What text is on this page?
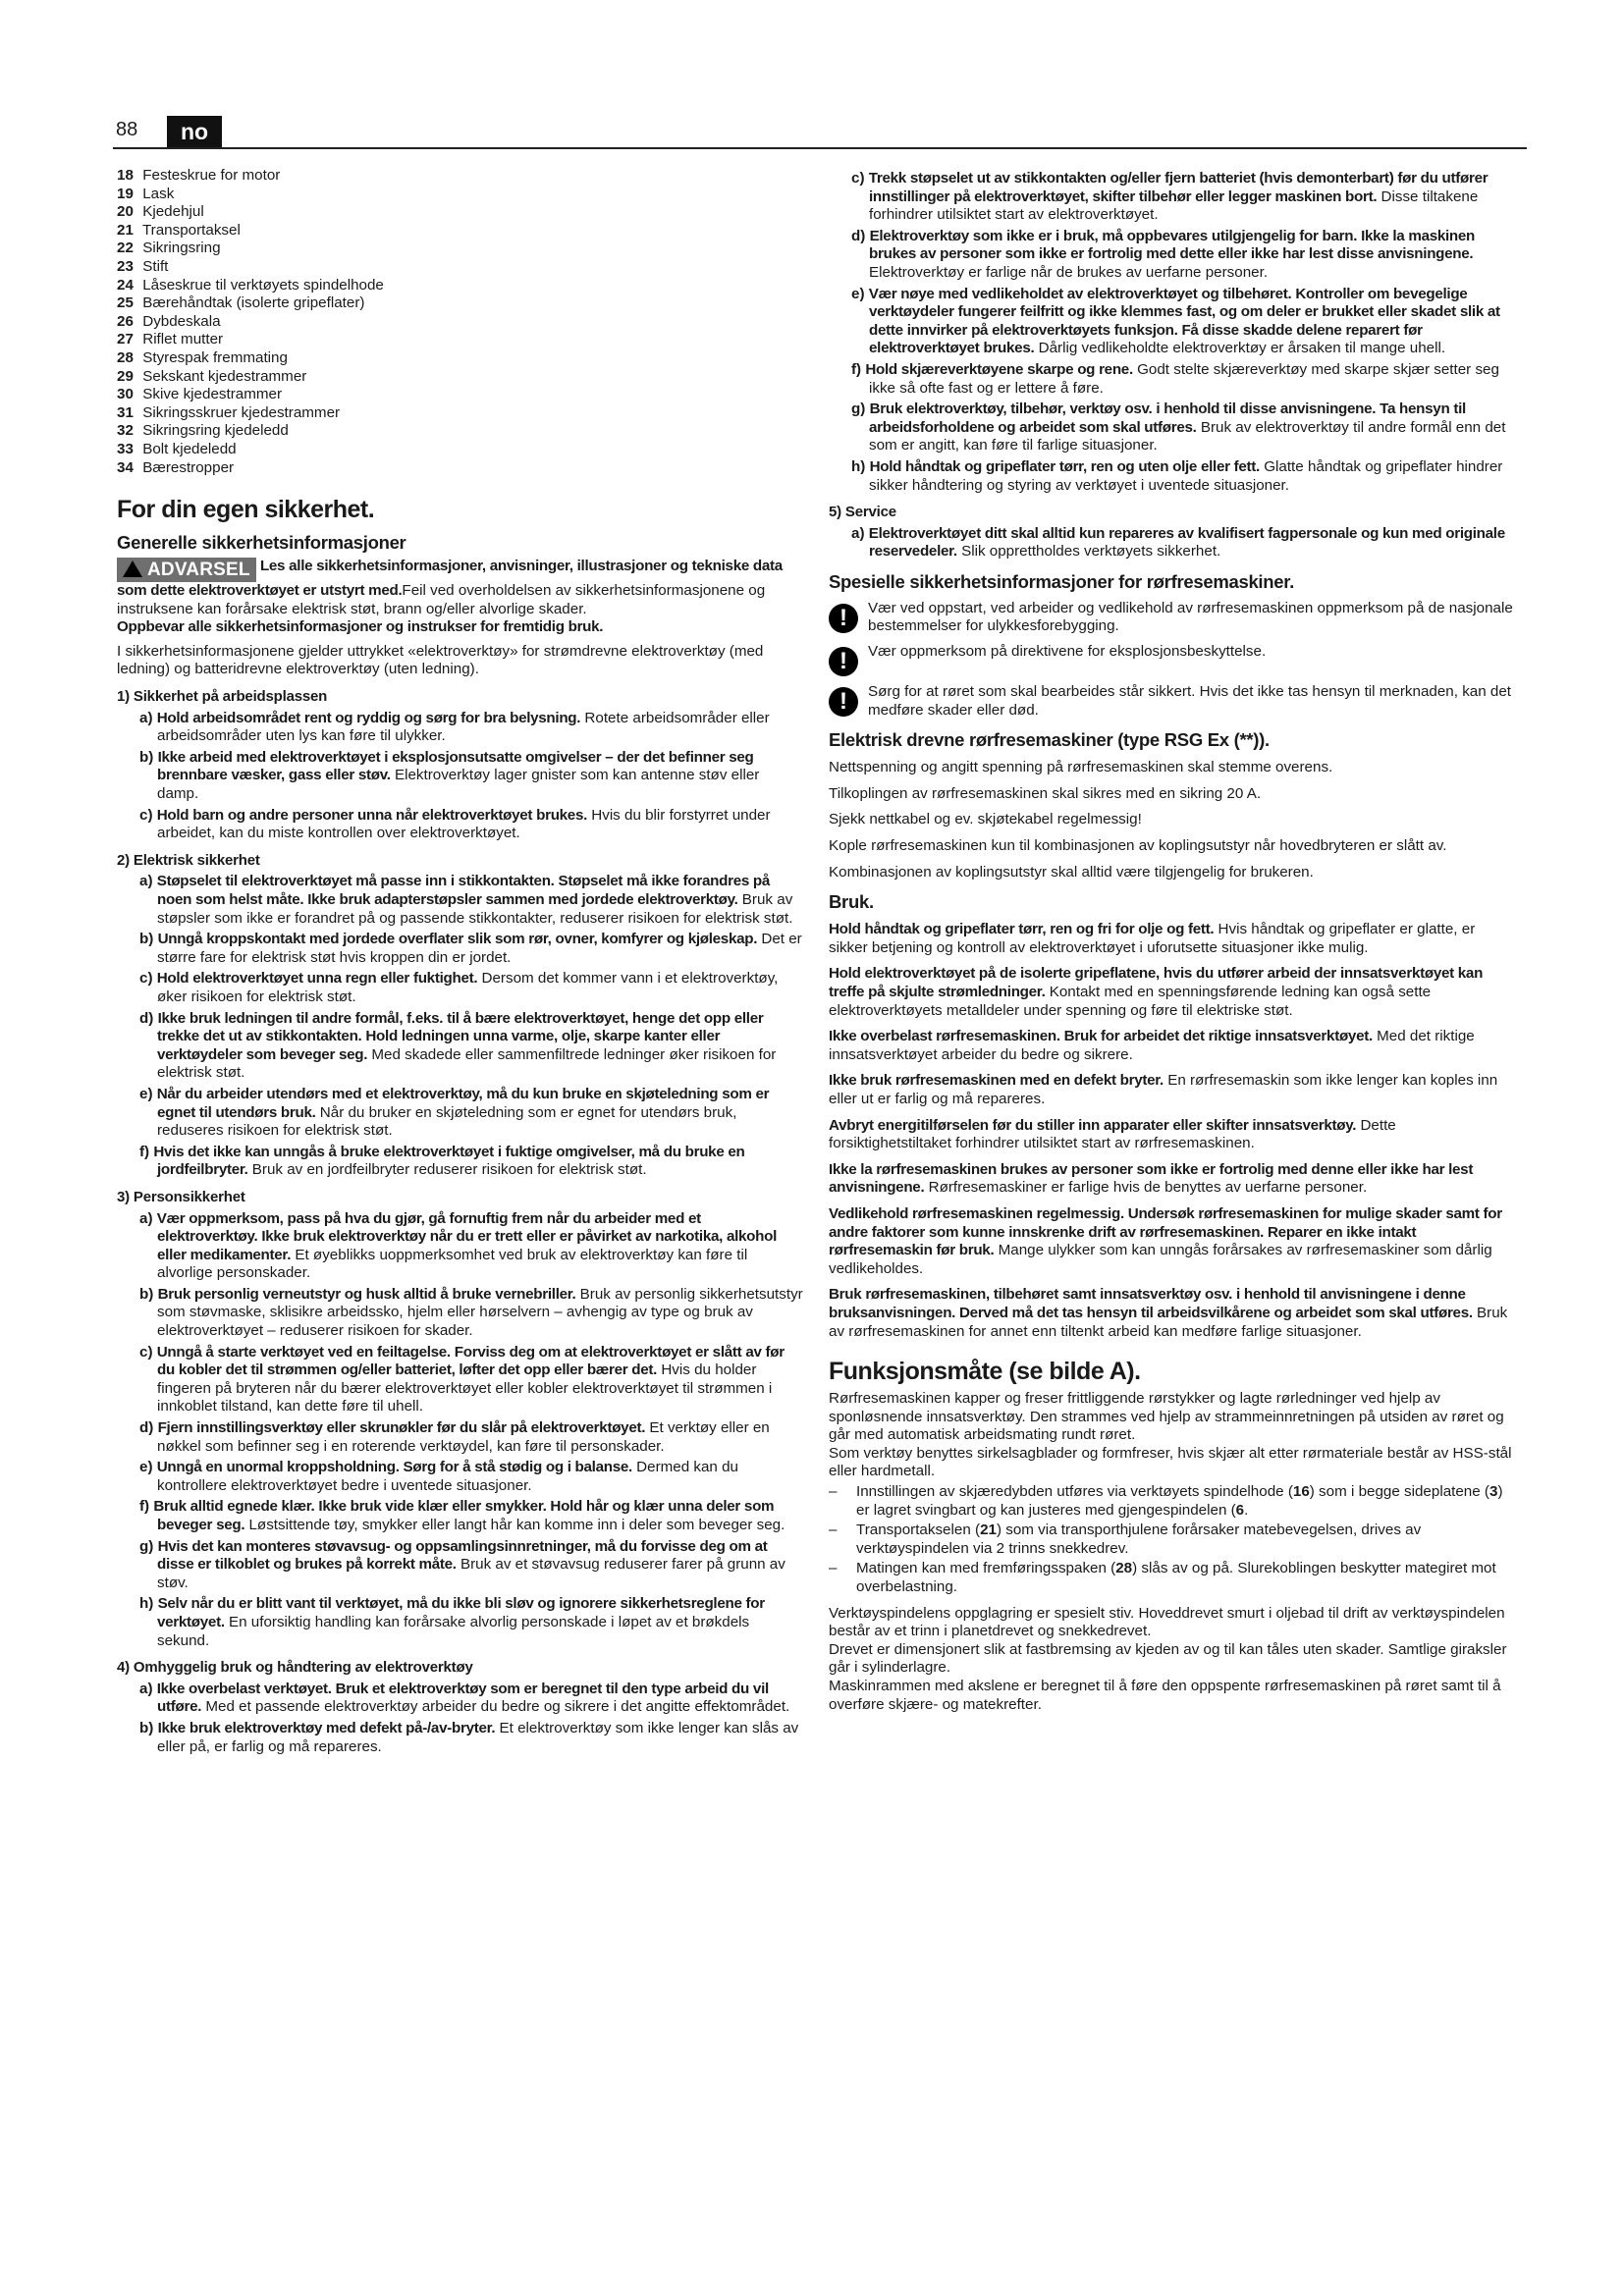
88	no
18 Festeskrue for motor
19 Lask
20 Kjedehjul
21 Transportaksel
22 Sikringsring
23 Stift
24 Låseskrue til verktøyets spindelhode
25 Bærehåndtak (isolerte gripeflater)
26 Dybdeskala
27 Riflet mutter
28 Styrespak fremmating
29 Sekskant kjedestrammer
30 Skive kjedestrammer
31 Sikringsskruer kjedestrammer
32 Sikringsring kjedeledd
33 Bolt kjedeledd
34 Bærestropper
For din egen sikkerhet.
Generelle sikkerhetsinformasjoner
ADVARSEL Les alle sikkerhetsinformasjoner, anvisninger, illustrasjoner og tekniske data som dette elektroverktøyet er utstyrt med.Feil ved overholdelsen av sikkerhetsinformasjonene og instruksene kan forårsake elektrisk støt, brann og/eller alvorlige skader.

Oppbevar alle sikkerhetsinformasjoner og instrukser for fremtidig bruk.

I sikkerhetsinformasjonene gjelder uttrykket «elektroverktøy» for strømdrevne elektroverktøy (med ledning) og batteridrevne elektroverktøy (uten ledning).

1) Sikkerhet på arbeidsplassen

a) Hold arbeidsområdet rent og ryddig og sørg for bra belysning. Rotete arbeidsområder eller arbeidsområder uten lys kan føre til ulykker.

b) Ikke arbeid med elektroverktøyet i eksplosjonsutsatte omgivelser – der det befinner seg brennbare væsker, gass eller støv. Elektroverktøy lager gnister som kan antenne støv eller damp.

c) Hold barn og andre personer unna når elektroverktøyet brukes. Hvis du blir forstyrret under arbeidet, kan du miste kontrollen over elektroverktøyet.

2) Elektrisk sikkerhet

a) Støpselet til elektroverktøyet må passe inn i stikkontakten. Støpselet må ikke forandres på noen som helst måte. Ikke bruk adapterstøpsler sammen med jordede elektroverktøy. Bruk av støpsler som ikke er forandret på og passende stikkontakter, reduserer risikoen for elektrisk støt.

b) Unngå kroppskontakt med jordede overflater slik som rør, ovner, komfyrer og kjøleskap. Det er større fare for elektrisk støt hvis kroppen din er jordet.

c) Hold elektroverktøyet unna regn eller fuktighet. Dersom det kommer vann i et elektroverktøy, øker risikoen for elektrisk støt.

d) Ikke bruk ledningen til andre formål, f.eks. til å bære elektroverktøyet, henge det opp eller trekke det ut av stikkontakten. Hold ledningen unna varme, olje, skarpe kanter eller verktøydeler som beveger seg. Med skadede eller sammenfiltrede ledninger øker risikoen for elektrisk støt.

e) Når du arbeider utendørs med et elektroverktøy, må du kun bruke en skjøteledning som er egnet til utendørs bruk. Når du bruker en skjøteledning som er egnet for utendørs bruk, reduseres risikoen for elektrisk støt.

f) Hvis det ikke kan unngås å bruke elektroverktøyet i fuktige omgivelser, må du bruke en jordfeilbryter. Bruk av en jordfeilbryter reduserer risikoen for elektrisk støt.

3) Personsikkerhet

a) Vær oppmerksom, pass på hva du gjør, gå fornuftig frem når du arbeider med et elektroverktøy. Ikke bruk elektroverktøy når du er trett eller er påvirket av narkotika, alkohol eller medikamenter. Et øyeblikks uoppmerksomhet ved bruk av elektroverktøy kan føre til alvorlige personskader.

b) Bruk personlig verneutstyr og husk alltid å bruke vernebriller. Bruk av personlig sikkerhetsutstyr som støvmaske, sklisikre arbeidssko, hjelm eller hørselvern – avhengig av type og bruk av elektroverktøyet – reduserer risikoen for skader.

c) Unngå å starte verktøyet ved en feiltagelse. Forviss deg om at elektroverktøyet er slått av før du kobler det til strømmen og/eller batteriet, løfter det opp eller bærer det. Hvis du holder fingeren på bryteren når du bærer elektroverktøyet eller kobler elektroverktøyet til strømmen i innkoblet tilstand, kan dette føre til uhell.

d) Fjern innstillingsverktøy eller skrunøkler før du slår på elektroverktøyet. Et verktøy eller en nøkkel som befinner seg i en roterende verktøydel, kan føre til personskader.

e) Unngå en unormal kroppsholdning. Sørg for å stå stødig og i balanse. Dermed kan du kontrollere elektroverktøyet bedre i uventede situasjoner.

f) Bruk alltid egnede klær. Ikke bruk vide klær eller smykker. Hold hår og klær unna deler som beveger seg. Løstsittende tøy, smykker eller langt hår kan komme inn i deler som beveger seg.

g) Hvis det kan monteres støvavsug- og oppsamlingsinnretninger, må du forvisse deg om at disse er tilkoblet og brukes på korrekt måte. Bruk av et støvavsug reduserer farer på grunn av støv.

h) Selv når du er blitt vant til verktøyet, må du ikke bli sløv og ignorere sikkerhetsreglene for verktøyet. En uforsiktig handling kan forårsake alvorlig personskade i løpet av et brøkdels sekund.

4) Omhyggelig bruk og håndtering av elektroverktøy

a) Ikke overbelast verktøyet. Bruk et elektroverktøy som er beregnet til den type arbeid du vil utføre. Med et passende elektroverktøy arbeider du bedre og sikrere i det angitte effektområdet.

b) Ikke bruk elektroverktøy med defekt på-/av-bryter. Et elektroverktøy som ikke lenger kan slås av eller på, er farlig og må repareres.

c) Trekk støpselet ut av stikkontakten og/eller fjern batteriet (hvis demonterbart) før du utfører innstillinger på elektroverktøyet, skifter tilbehør eller legger maskinen bort. Disse tiltakene forhindrer utilsiktet start av elektroverktøyet.

d) Elektroverktøy som ikke er i bruk, må oppbevares utilgjengelig for barn. Ikke la maskinen brukes av personer som ikke er fortrolig med dette eller ikke har lest disse anvisningene. Elektroverktøy er farlige når de brukes av uerfarne personer.

e) Vær nøye med vedlikeholdet av elektroverktøyet og tilbehøret. Kontroller om bevegelige verktøydeler fungerer feilfritt og ikke klemmes fast, og om deler er brukket eller skadet slik at dette innvirker på elektroverktøyets funksjon. Få disse skadde delene reparert før elektroverktøyet brukes. Dårlig vedlikeholdte elektroverktøy er årsaken til mange uhell.

f) Hold skjæreverktøyene skarpe og rene. Godt stelte skjæreverktøy med skarpe skjær setter seg ikke så ofte fast og er lettere å føre.

g) Bruk elektroverktøy, tilbehør, verktøy osv. i henhold til disse anvisningene. Ta hensyn til arbeidsforholdene og arbeidet som skal utføres. Bruk av elektroverktøy til andre formål enn det som er angitt, kan føre til farlige situasjoner.

h) Hold håndtak og gripeflater tørr, ren og uten olje eller fett. Glatte håndtak og gripeflater hindrer sikker håndtering og styring av verktøyet i uventede situasjoner.

5) Service

a) Elektroverktøyet ditt skal alltid kun repareres av kvalifisert fagpersonale og kun med originale reservedeler. Slik opprettholdes verktøyets sikkerhet.

Spesielle sikkerhetsinformasjoner for rørfresemaskiner.
!	Vær ved oppstart, ved arbeider og vedlikehold av rørfresemaskinen oppmerksom på de nasjonale bestemmelser for ulykkesforebygging.

!	Vær oppmerksom på direktivene for eksplosjonsbeskyttelse.

!	Sørg for at røret som skal bearbeides står sikkert. Hvis det ikke tas hensyn til merknaden, kan det medføre skader eller død.

Elektrisk drevne rørfresemaskiner (type RSG Ex (**)).

Nettspenning og angitt spenning på rørfresemaskinen skal stemme overens.

Tilkoplingen av rørfresemaskinen skal sikres med en sikring 20 A.

Sjekk nettkabel og ev. skjøtekabel regelmessig!

Kople rørfresemaskinen kun til kombinasjonen av koplingsutstyr når hovedbryteren er slått av.

Kombinasjonen av koplingsutstyr skal alltid være tilgjengelig for brukeren.

Bruk.

Hold håndtak og gripeflater tørr, ren og fri for olje og fett. Hvis håndtak og gripeflater er glatte, er sikker betjening og kontroll av elektroverktøyet i uforutsette situasjoner ikke mulig.

Hold elektroverktøyet på de isolerte gripeflatene, hvis du utfører arbeid der innsatsverktøyet kan treffe på skjulte strømledninger. Kontakt med en spenningsførende ledning kan også sette elektroverktøyets metalldeler under spenning og føre til elektriske støt.

Ikke overbelast rørfresemaskinen. Bruk for arbeidet det riktige innsatsverktøyet. Med det riktige innsatsverktøyet arbeider du bedre og sikrere.

Ikke bruk rørfresemaskinen med en defekt bryter. En rørfresemaskin som ikke lenger kan koples inn eller ut er farlig og må repareres.

Avbryt energitilførselen før du stiller inn apparater eller skifter innsatsverktøy. Dette forsiktighetstiltaket forhindrer utilsiktet start av rørfresemaskinen.

Ikke la rørfresemaskinen brukes av personer som ikke er fortrolig med denne eller ikke har lest anvisningene. Rørfresemaskiner er farlige hvis de benyttes av uerfarne personer.

Vedlikehold rørfresemaskinen regelmessig. Undersøk rørfresemaskinen for mulige skader samt for andre faktorer som kunne innskrenke drift av rørfresemaskinen. Reparer en ikke intakt rørfresemaskin før bruk. Mange ulykker som kan unngås forårsakes av rørfresemaskiner som dårlig vedlikeholdes.

Bruk rørfresemaskinen, tilbehøret samt innsatsverktøy osv. i henhold til anvisningene i denne bruksanvisningen. Derved må det tas hensyn til arbeidsvilkårene og arbeidet som skal utføres. Bruk av rørfresemaskinen for annet enn tiltenkt arbeid kan medføre farlige situasjoner.

Funksjonsmåte (se bilde A).

Rørfresemaskinen kapper og freser frittliggende rørstykker og lagte rørledninger ved hjelp av sponløsnende innsatsverktøy. Den strammes ved hjelp av strammeinnretningen på utsiden av røret og går med automatisk arbeidsmating rundt røret.

Som verktøy benyttes sirkelsagblader og formfreser, hvis skjær alt etter rørmateriale består av HSS-stål eller hardmetall.

– Innstillingen av skjæredybden utføres via verktøyets spindelhode (16) som i begge sideplatene (3) er lagret svingbart og kan justeres med gjengespindelen (6.

– Transportakselen (21) som via transporthjulene forårsaker matebevegelsen, drives av verktøyspindelen via 2 trinns snekkedrev.

– Matingen kan med fremføringsspaken (28) slås av og på. Slurekoblingen beskytter mategiret mot overbelastning.

Verktøyspindelens oppglagring er spesielt stiv. Hoveddrevet smurt i oljebad til drift av verktøyspindelen består av et trinn i planetdrevet og snekkedrevet.

Drevet er dimensjonert slik at fastbremsing av kjeden av og til kan tåles uten skader. Samtlige giraksler går i sylinderlagre.

Maskinrammen med akslene er beregnet til å føre den oppspente rørfresemaskinen på røret samt til å overføre skjære- og matekrefter.
